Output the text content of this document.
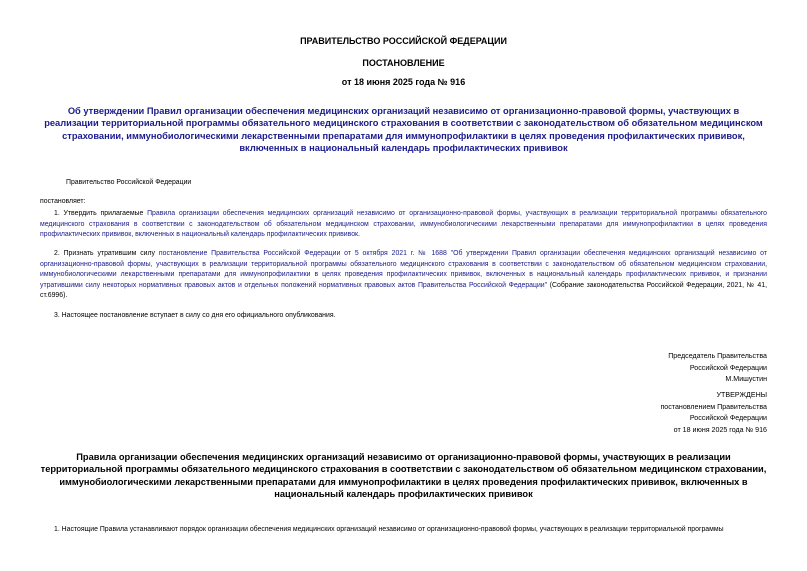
ПРАВИТЕЛЬСТВО РОССИЙСКОЙ ФЕДЕРАЦИИ
ПОСТАНОВЛЕНИЕ
от 18 июня 2025 года № 916
Об утверждении Правил организации обеспечения медицинских организаций независимо от организационно-правовой формы, участвующих в реализации территориальной программы обязательного медицинского страхования в соответствии с законодательством об обязательном медицинском страховании, иммунобиологическими лекарственными препаратами для иммунопрофилактики в целях проведения профилактических прививок, включенных в национальный календарь профилактических прививок
Правительство Российской Федерации
постановляет:
1. Утвердить прилагаемые Правила организации обеспечения медицинских организаций независимо от организационно-правовой формы, участвующих в реализации территориальной программы обязательного медицинского страхования в соответствии с законодательством об обязательном медицинском страховании, иммунобиологическими лекарственными препаратами для иммунопрофилактики в целях проведения профилактических прививок, включенных в национальный календарь профилактических прививок.
2. Признать утратившим силу постановление Правительства Российской Федерации от 5 октября 2021 г. № 1688 "Об утверждении Правил организации обеспечения медицинских организаций независимо от организационно-правовой формы, участвующих в реализации территориальной программы обязательного медицинского страхования в соответствии с законодательством об обязательном медицинском страховании, иммунобиологическими лекарственными препаратами для иммунопрофилактики в целях проведения профилактических прививок, включенных в национальный календарь профилактических прививок, и признании утратившими силу некоторых нормативных правовых актов и отдельных положений нормативных правовых актов Правительства Российской Федерации" (Собрание законодательства Российской Федерации, 2021, № 41, ст.6996).
3. Настоящее постановление вступает в силу со дня его официального опубликования.
Председатель Правительства
Российской Федерации
М.Мишустин
УТВЕРЖДЕНЫ
постановлением Правительства
Российской Федерации
от 18 июня 2025 года № 916
Правила организации обеспечения медицинских организаций независимо от организационно-правовой формы, участвующих в реализации территориальной программы обязательного медицинского страхования в соответствии с законодательством об обязательном медицинском страховании, иммунобиологическими лекарственными препаратами для иммунопрофилактики в целях проведения профилактических прививок, включенных в национальный календарь профилактических прививок
1. Настоящие Правила устанавливают порядок организации обеспечения медицинских организаций независимо от организационно-правовой формы, участвующих в реализации территориальной программы
